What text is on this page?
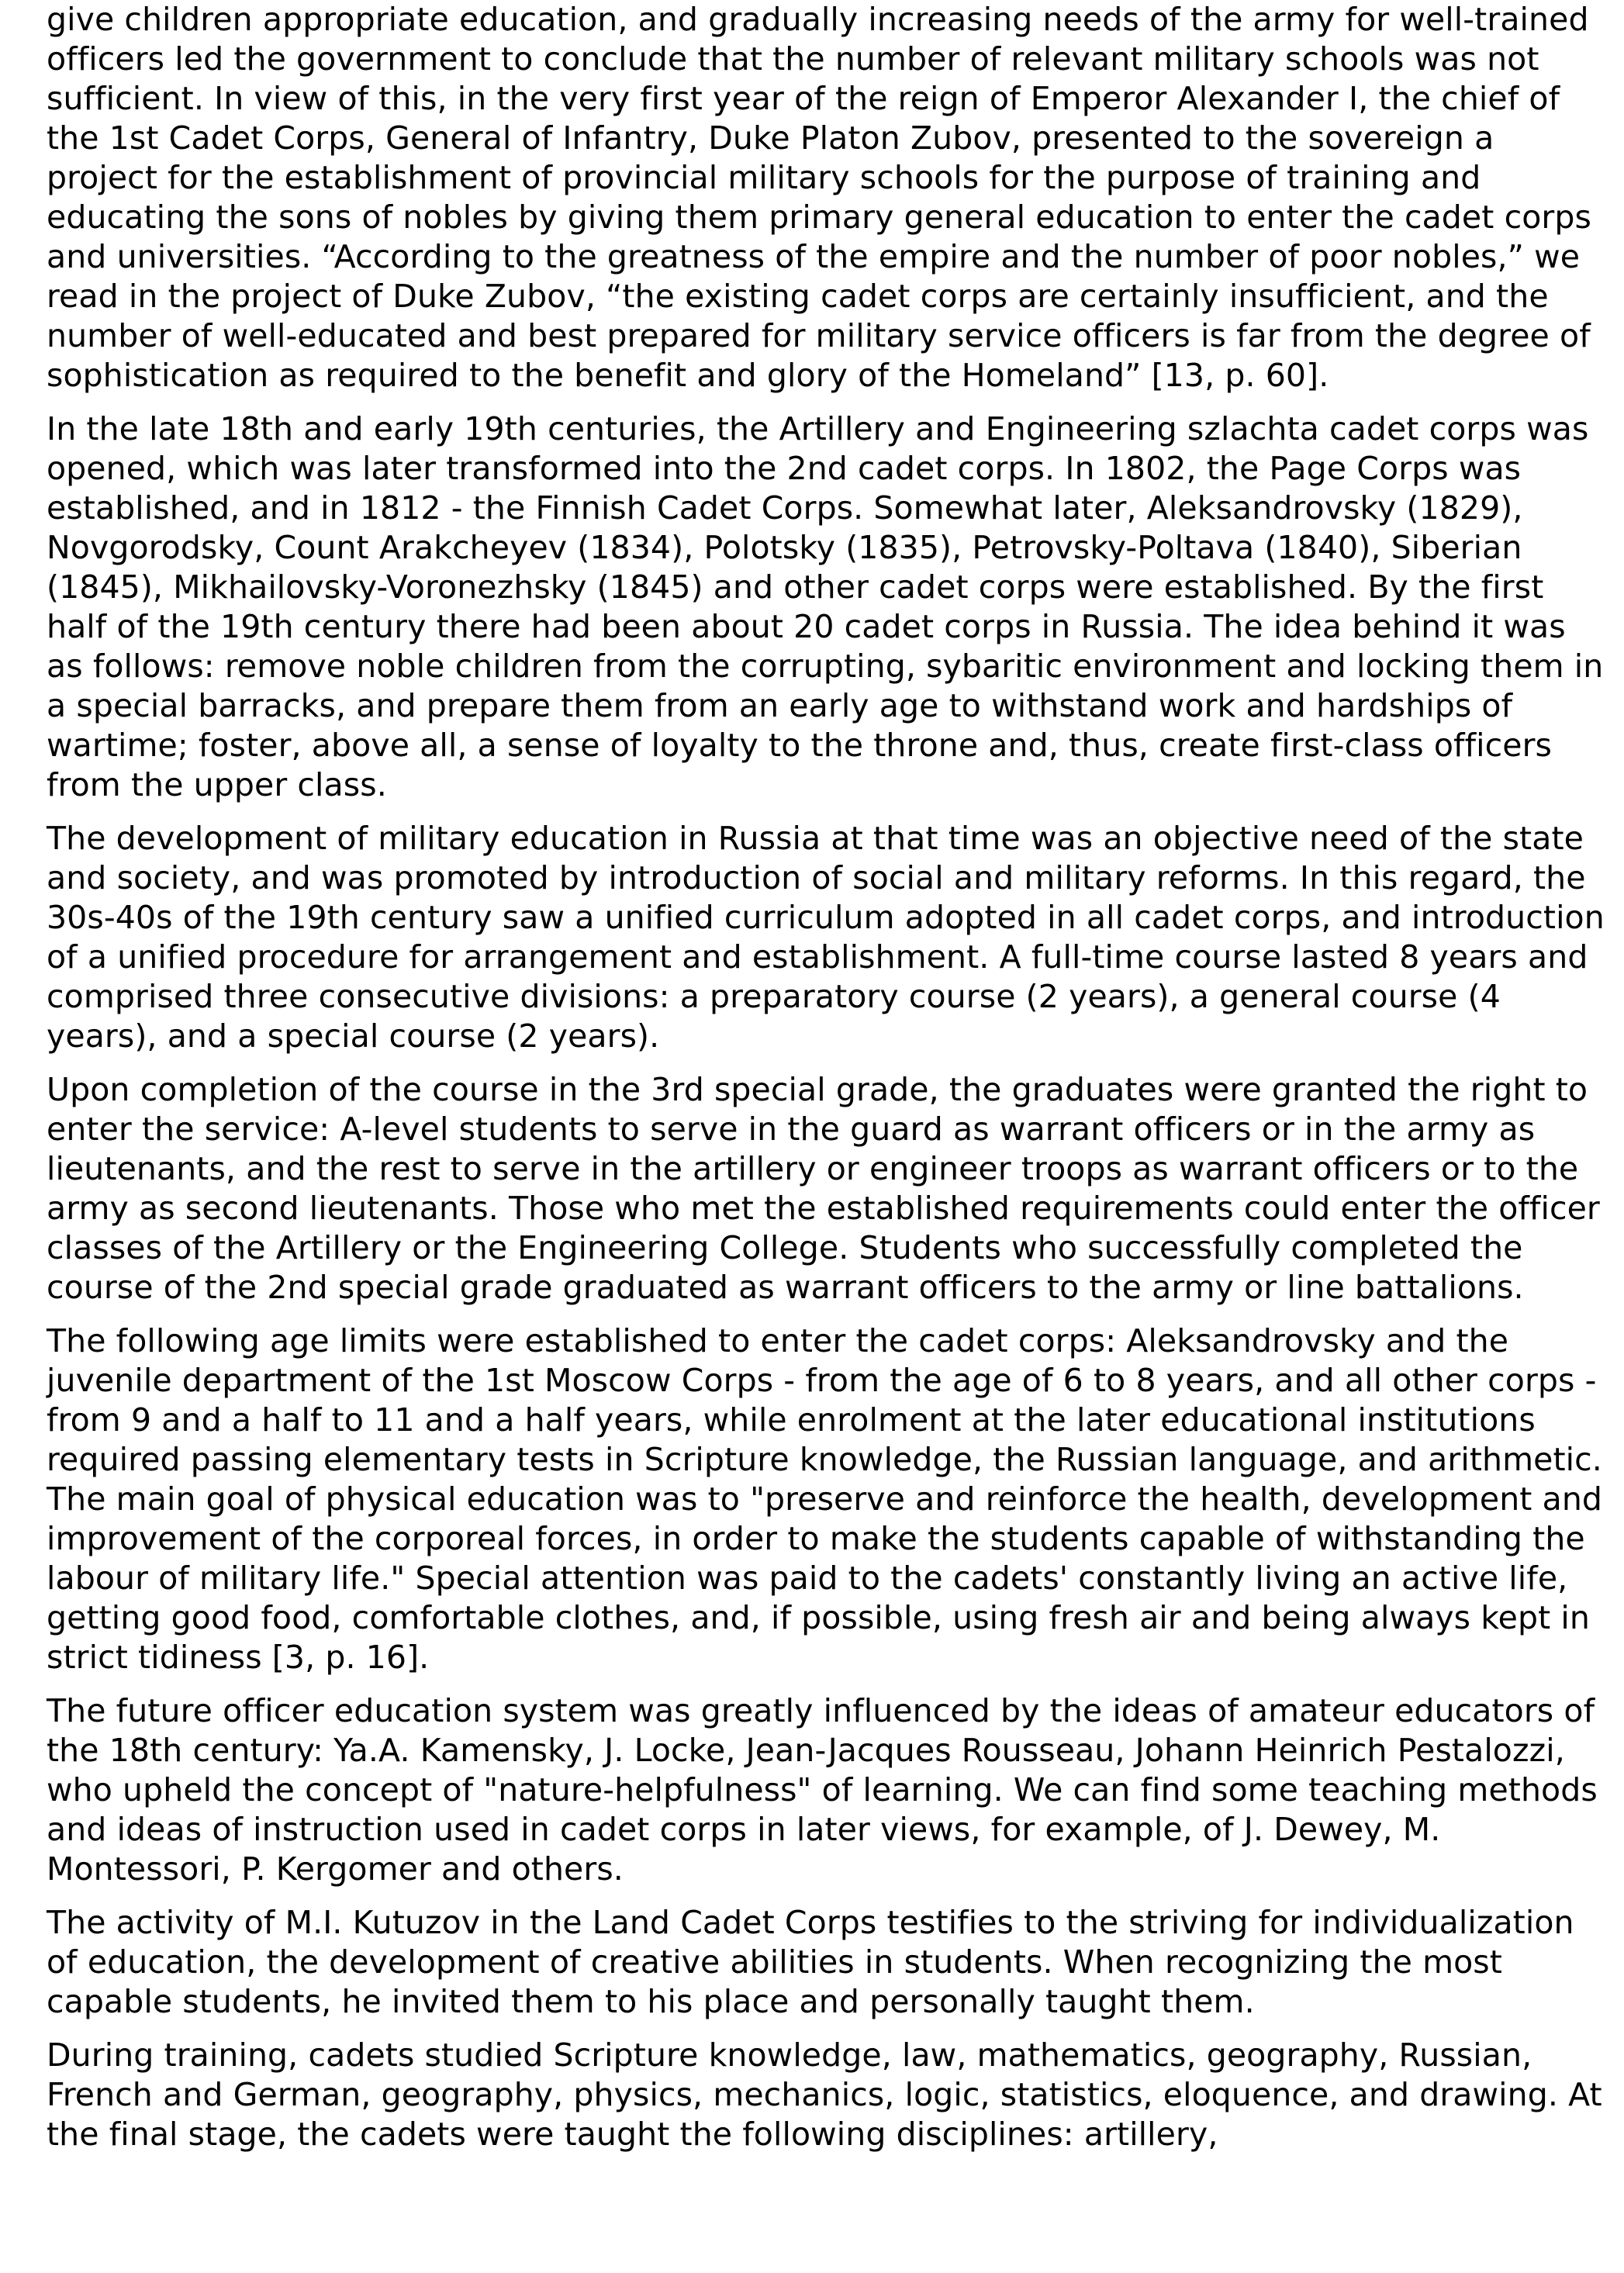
give children appropriate education, and gradually increasing needs of the army for well-trained officers led the government to conclude that the number of relevant military schools was not sufficient. In view of this, in the very first year of the reign of Emperor Alexander I, the chief of the 1st Cadet Corps, General of Infantry, Duke Platon Zubov, presented to the sovereign a project for the establishment of provincial military schools for the purpose of training and educating the sons of nobles by giving them primary general education to enter the cadet corps and universities. “According to the greatness of the empire and the number of poor nobles,” we read in the project of Duke Zubov, “the existing cadet corps are certainly insufficient, and the number of well-educated and best prepared for military service officers is far from the degree of sophistication as required to the benefit and glory of the Homeland” [13, p. 60].

In the late 18th and early 19th centuries, the Artillery and Engineering szlachta cadet corps was opened, which was later transformed into the 2nd cadet corps. In 1802, the Page Corps was established, and in 1812 - the Finnish Cadet Corps. Somewhat later, Aleksandrovsky (1829), Novgorodsky, Count Arakcheyev (1834), Polotsky (1835), Petrovsky-Poltava (1840), Siberian (1845), Mikhailovsky-Voronezhsky (1845) and other cadet corps were established. By the first half of the 19th century there had been about 20 cadet corps in Russia. The idea behind it was as follows: remove noble children from the corrupting, sybaritic environment and locking them in a special barracks, and prepare them from an early age to withstand work and hardships of wartime; foster, above all, a sense of loyalty to the throne and, thus, create first-class officers from the upper class.

The development of military education in Russia at that time was an objective need of the state and society, and was promoted by introduction of social and military reforms. In this regard, the 30s-40s of the 19th century saw a unified curriculum adopted in all cadet corps, and introduction of a unified procedure for arrangement and establishment. A full-time course lasted 8 years and comprised three consecutive divisions: a preparatory course (2 years), a general course (4 years), and a special course (2 years).

Upon completion of the course in the 3rd special grade, the graduates were granted the right to enter the service: A-level students to serve in the guard as warrant officers or in the army as lieutenants, and the rest to serve in the artillery or engineer troops as warrant officers or to the army as second lieutenants. Those who met the established requirements could enter the officer classes of the Artillery or the Engineering College. Students who successfully completed the course of the 2nd special grade graduated as warrant officers to the army or line battalions.

The following age limits were established to enter the cadet corps: Aleksandrovsky and the juvenile department of the 1st Moscow Corps - from the age of 6 to 8 years, and all other corps - from 9 and a half to 11 and a half years, while enrolment at the later educational institutions required passing elementary tests in Scripture knowledge, the Russian language, and arithmetic. The main goal of physical education was to "preserve and reinforce the health, development and improvement of the corporeal forces, in order to make the students capable of withstanding the labour of military life." Special attention was paid to the cadets' constantly living an active life, getting good food, comfortable clothes, and, if possible, using fresh air and being always kept in strict tidiness [3, p. 16].

The future officer education system was greatly influenced by the ideas of amateur educators of the 18th century: Ya.A. Kamensky, J. Locke, Jean-Jacques Rousseau, Johann Heinrich Pestalozzi, who upheld the concept of "nature-helpfulness" of learning. We can find some teaching methods and ideas of instruction used in cadet corps in later views, for example, of J. Dewey, M. Montessori, P. Kergomer and others.

The activity of M.I. Kutuzov in the Land Cadet Corps testifies to the striving for individualization of education, the development of creative abilities in students. When recognizing the most capable students, he invited them to his place and personally taught them.

During training, cadets studied Scripture knowledge, law, mathematics, geography, Russian, French and German, geography, physics, mechanics, logic, statistics, eloquence, and drawing. At the final stage, the cadets were taught the following disciplines: artillery,
